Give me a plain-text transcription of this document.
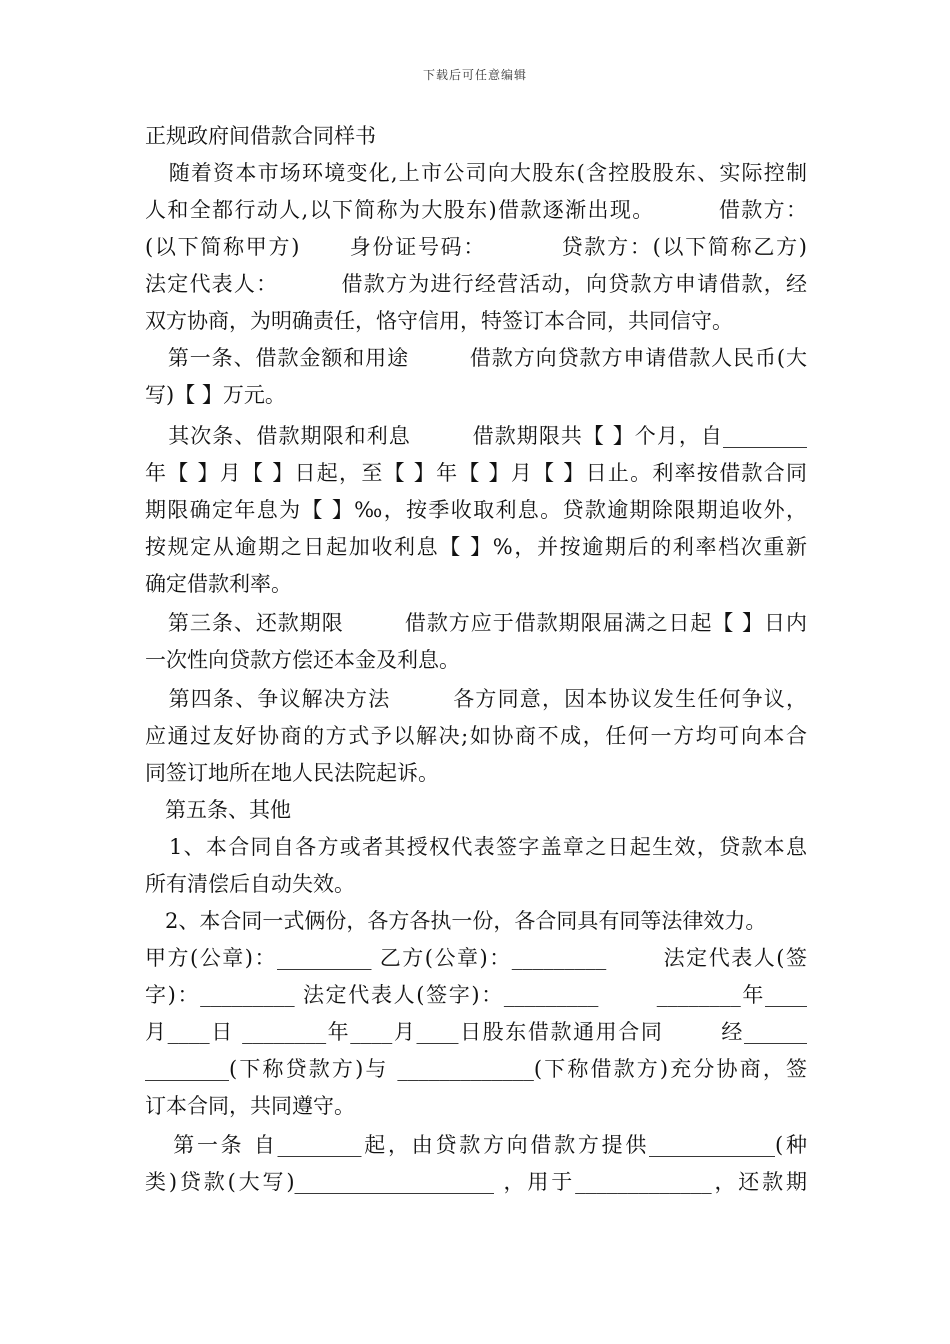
下载后可任意编辑
正规政府间借款合同样书
随着资本市场环境变化,上市公司向大股东(含控股股东、实际控制
人和全都行动人,以下简称为大股东)借款逐渐出现。        借款方：
(以下简称甲方)      身份证号码：         贷款方：(以下简称乙方)
法定代表人：        借款方为进行经营活动，向贷款方申请借款，经
双方协商，为明确责任，恪守信用，特签订本合同，共同信守。
第一条、借款金额和用途        借款方向贷款方申请借款人民币(大
写)【 】万元。
其次条、借款期限和利息        借款期限共【 】个月，自________
年【 】月【 】日起，至【 】年【 】月【 】日止。利率按借款合同
期限确定年息为【 】‰，按季收取利息。贷款逾期除限期追收外，
按规定从逾期之日起加收利息【 】%，并按逾期后的利率档次重新
确定借款利率。
第三条、还款期限        借款方应于借款期限届满之日起【 】日内
一次性向贷款方偿还本金及利息。
第四条、争议解决方法        各方同意，因本协议发生任何争议，
应通过友好协商的方式予以解决;如协商不成，任何一方均可向本合
同签订地所在地人民法院起诉。
第五条、其他
1、本合同自各方或者其授权代表签字盖章之日起生效，贷款本息
所有清偿后自动失效。
2、本合同一式俩份，各方各执一份，各合同具有同等法律效力。
甲方(公章)：_________ 乙方(公章)：_________       法定代表人(签
字)：_________ 法定代表人(签字)：_________       ________年____
月____日 ________年____月____日股东借款通用合同       经______
________(下称贷款方)与 _____________(下称借款方)充分协商，签
订本合同，共同遵守。
第一条 自________起，由贷款方向借款方提供____________(种
类)贷款(大写)___________________ ，用于_____________，还款期
